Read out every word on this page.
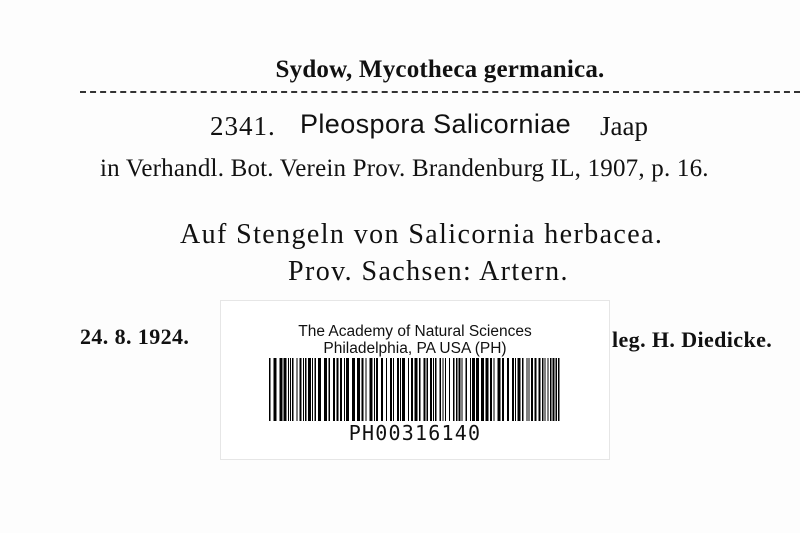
Sydow, Mycotheca germanica.
2341. Pleospora Salicorniae Jaap
in Verhandl. Bot. Verein Prov. Brandenburg IL, 1907, p. 16.
Auf Stengeln von Salicornia herbacea.
Prov. Sachsen: Artern.
24. 8. 1924.	leg. H. Diedicke.
The Academy of Natural Sciences
Philadelphia, PA USA (PH)
PH00316140
